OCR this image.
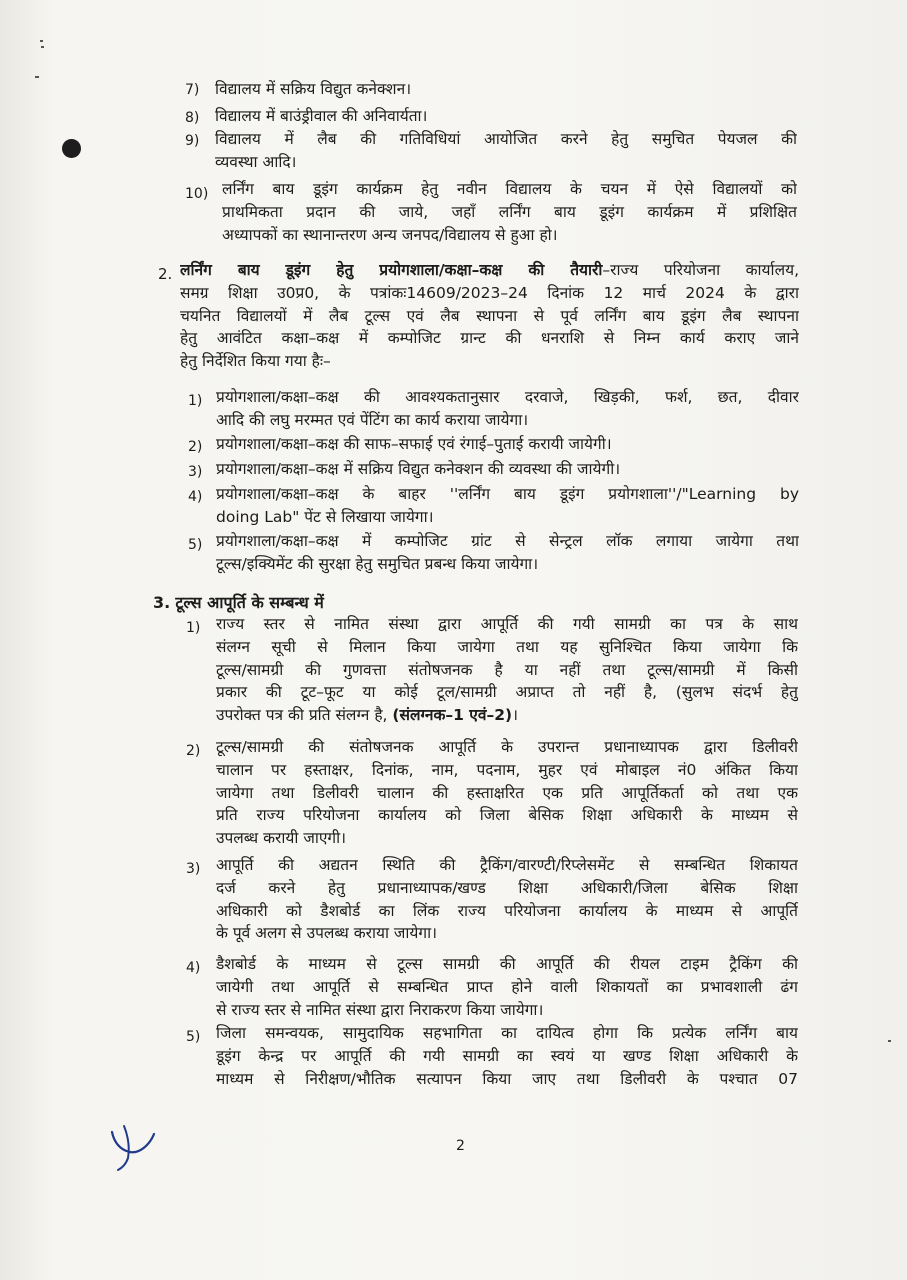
7) विद्यालय में सक्रिय विद्युत कनेक्शन।
8) विद्यालय में बाउंड्रीवाल की अनिवार्यता।
9) विद्यालय में लैब की गतिविधियां आयोजित करने हेतु समुचित पेयजल की
व्यवस्था आदि।
10) लर्निंग बाय डूइंग कार्यक्रम हेतु नवीन विद्यालय के चयन में ऐसे विद्यालयों को
प्राथमिकता प्रदान की जाये, जहाँ लर्निंग बाय डूइंग कार्यक्रम में प्रशिक्षित
अध्यापकों का स्थानान्तरण अन्य जनपद/विद्यालय से हुआ हो।
2. लर्निंग बाय डूइंग हेतु प्रयोगशाला/कक्षा–कक्ष की तैयारी–राज्य परियोजना कार्यालय,
समग्र शिक्षा उ0प्र0, के पत्रांकः14609/2023–24 दिनांक 12 मार्च 2024 के द्वारा
चयनित विद्यालयों में लैब टूल्स एवं लैब स्थापना से पूर्व लर्निंग बाय डूइंग लैब स्थापना
हेतु आवंटित कक्षा–कक्ष में कम्पोजिट ग्रान्ट की धनराशि से निम्न कार्य कराए जाने
हेतु निर्देशित किया गया हैः–
1) प्रयोगशाला/कक्षा–कक्ष की आवश्यकतानुसार दरवाजे, खिड़की, फर्श, छत, दीवार
आदि की लघु मरम्मत एवं पेंटिंग का कार्य कराया जायेगा।
2) प्रयोगशाला/कक्षा–कक्ष की साफ–सफाई एवं रंगाई–पुताई करायी जायेगी।
3) प्रयोगशाला/कक्षा–कक्ष में सक्रिय विद्युत कनेक्शन की व्यवस्था की जायेगी।
4) प्रयोगशाला/कक्षा–कक्ष के बाहर ''लर्निंग बाय डूइंग प्रयोगशाला''/"Learning by
doing Lab" पेंट से लिखाया जायेगा।
5) प्रयोगशाला/कक्षा–कक्ष में कम्पोजिट ग्रांट से सेन्ट्रल लॉक लगाया जायेगा तथा
टूल्स/इक्यिमेंट की सुरक्षा हेतु समुचित प्रबन्ध किया जायेगा।
3. टूल्स आपूर्ति के सम्बन्ध में
1) राज्य स्तर से नामित संस्था द्वारा आपूर्ति की गयी सामग्री का पत्र के साथ
संलग्न सूची से मिलान किया जायेगा तथा यह सुनिश्चित किया जायेगा कि
टूल्स/सामग्री की गुणवत्ता संतोषजनक है या नहीं तथा टूल्स/सामग्री में किसी
प्रकार की टूट–फूट या कोई टूल/सामग्री अप्राप्त तो नहीं है, (सुलभ संदर्भ हेतु
उपरोक्त पत्र की प्रति संलग्न है, (संलग्नक–1 एवं–2)।
2) टूल्स/सामग्री की संतोषजनक आपूर्ति के उपरान्त प्रधानाध्यापक द्वारा डिलीवरी
चालान पर हस्ताक्षर, दिनांक, नाम, पदनाम, मुहर एवं मोबाइल नं0 अंकित किया
जायेगा तथा डिलीवरी चालान की हस्ताक्षरित एक प्रति आपूर्तिकर्ता को तथा एक
प्रति राज्य परियोजना कार्यालय को जिला बेसिक शिक्षा अधिकारी के माध्यम से
उपलब्ध करायी जाएगी।
3) आपूर्ति की अद्यतन स्थिति की ट्रैकिंग/वारण्टी/रिप्लेसमेंट से सम्बन्धित शिकायत
दर्ज करने हेतु प्रधानाध्यापक/खण्ड शिक्षा अधिकारी/जिला बेसिक शिक्षा
अधिकारी को डैशबोर्ड का लिंक राज्य परियोजना कार्यालय के माध्यम से आपूर्ति
के पूर्व अलग से उपलब्ध कराया जायेगा।
4) डैशबोर्ड के माध्यम से टूल्स सामग्री की आपूर्ति की रीयल टाइम ट्रैकिंग की
जायेगी तथा आपूर्ति से सम्बन्धित प्राप्त होने वाली शिकायतों का प्रभावशाली ढंग
से राज्य स्तर से नामित संस्था द्वारा निराकरण किया जायेगा।
5) जिला समन्वयक, सामुदायिक सहभागिता का दायित्व होगा कि प्रत्येक लर्निंग बाय
डूइंग केन्द्र पर आपूर्ति की गयी सामग्री का स्वयं या खण्ड शिक्षा अधिकारी के
माध्यम से निरीक्षण/भौतिक सत्यापन किया जाए तथा डिलीवरी के पश्चात 07
2
